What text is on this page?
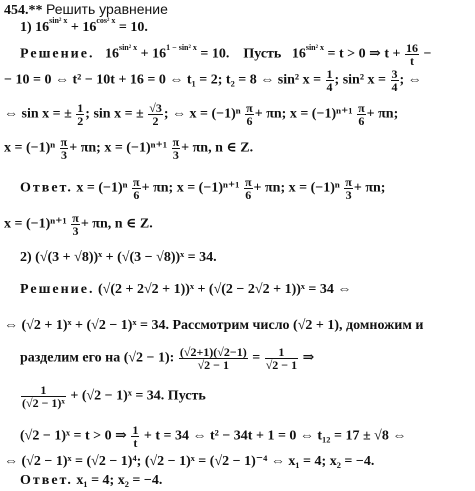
454.** Решить уравнение
1) $16^{sin^2 x} + 16^{cos^2 x} = 10$.
Решение. $16^{sin^2 x} + 16^{1 - sin^2 x} = 10$. Пусть $16^{sin^2 x} = t > 0$ ⇒ $t + \frac{16}{t}$ −
− 10 = 0 ⇔ t² − 10t + 16 = 0 ⇔ t₁ = 2; t₂ = 8 ⇔ sin² $x = \frac{1}{4}$ ; sin² $x = \frac{3}{4}$ ; ⇔
⇔ sin x = ± $\frac{1}{2}$ ; sin x = ± $\frac{√3}{2}$ ; ⇔ $x = (-1)^n \frac{\pi}{6} + \pi n$; $x = (-1)^{n+1} \frac{\pi}{6} + \pi n$;
$x = (-1)^n \frac{\pi}{3} + \pi n$; $x = (-1)^{n+1} \frac{\pi}{3} + \pi n$, n ∈ Z.
Ответ. $x = (-1)^n \frac{\pi}{6} + \pi n$; $x = (-1)^{n+1} \frac{\pi}{6} + \pi n$; $x = (-1)^n \frac{\pi}{3} + \pi n$;
$x = (-1)^{n+1} \frac{\pi}{3} + \pi n$, n ∈ Z.
2) (√(3 + √8))ˣ + (√(3 − √8))ˣ = 34.
Решение. (√(2 + 2√2 + 1))ˣ + (√(2 − 2√2 + 1))ˣ = 34 ⇔
⇔ (√2 + 1)ˣ + (√2 − 1)ˣ = 34. Рассмотрим число (√2 + 1), домножим и
разделим его на (√2 − 1): $\frac{(√2+1)(√2-1)}{√2 - 1} = \frac{1}{√2 - 1}$ ⇒
$\frac{1}{\text{(√2 − 1)ˣ}} + (√2$ − 1)ˣ = 34. Пусть
(√2 − 1)ˣ = t > 0 ⇒ $\frac{1}{t} + t = 34$ ⇔ t² − 34t + 1 = 0 ⇔ t₁₂ = 17 ± √8 ⇔
⇔ (√2 − 1)ˣ = (√2 − 1)⁴; (√2 − 1)ˣ = (√2 − 1)⁻⁴ ⇔ x₁ = 4; x₂ = −4.
Ответ. x₁ = 4; x₂ = −4.
